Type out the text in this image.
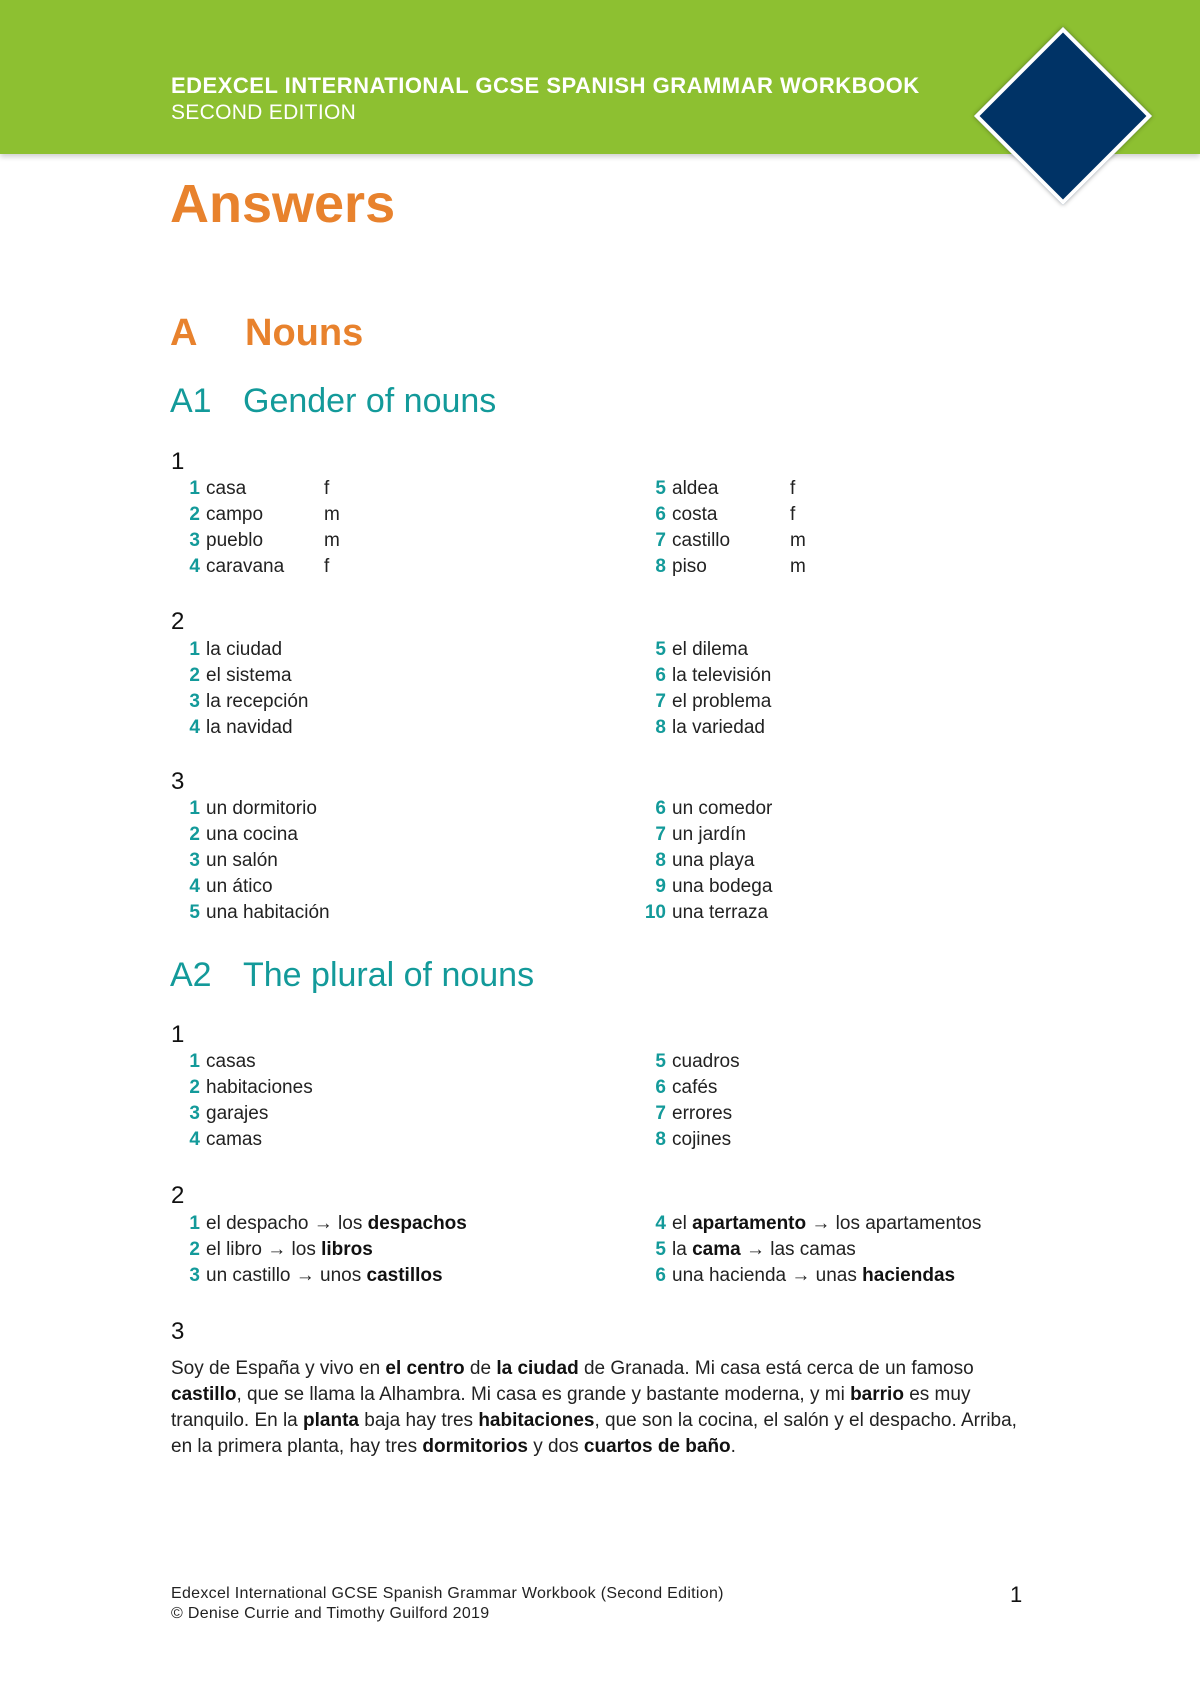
EDEXCEL INTERNATIONAL GCSE SPANISH GRAMMAR WORKBOOK
SECOND EDITION
Answers
A Nouns
A1 Gender of nouns
1
1 casa	f
2 campo	m
3 pueblo	m
4 caravana	f
5 aldea	f
6 costa	f
7 castillo	m
8 piso	m
2
1 la ciudad
2 el sistema
3 la recepción
4 la navidad
5 el dilema
6 la televisión
7 el problema
8 la variedad
3
1 un dormitorio
2 una cocina
3 un salón
4 un ático
5 una habitación
6 un comedor
7 un jardín
8 una playa
9 una bodega
10 una terraza
A2 The plural of nouns
1
1 casas
2 habitaciones
3 garajes
4 camas
5 cuadros
6 cafés
7 errores
8 cojines
2
1 el despacho → los despachos
2 el libro → los libros
3 un castillo → unos castillos
4 el apartamento → los apartamentos
5 la cama → las camas
6 una hacienda → unas haciendas
3

Soy de España y vivo en el centro de la ciudad de Granada. Mi casa está cerca de un famoso castillo, que se llama la Alhambra. Mi casa es grande y bastante moderna, y mi barrio es muy tranquilo. En la planta baja hay tres habitaciones, que son la cocina, el salón y el despacho. Arriba, en la primera planta, hay tres dormitorios y dos cuartos de baño.

Edexcel International GCSE Spanish Grammar Workbook (Second Edition)
© Denise Currie and Timothy Guilford 2019
1
